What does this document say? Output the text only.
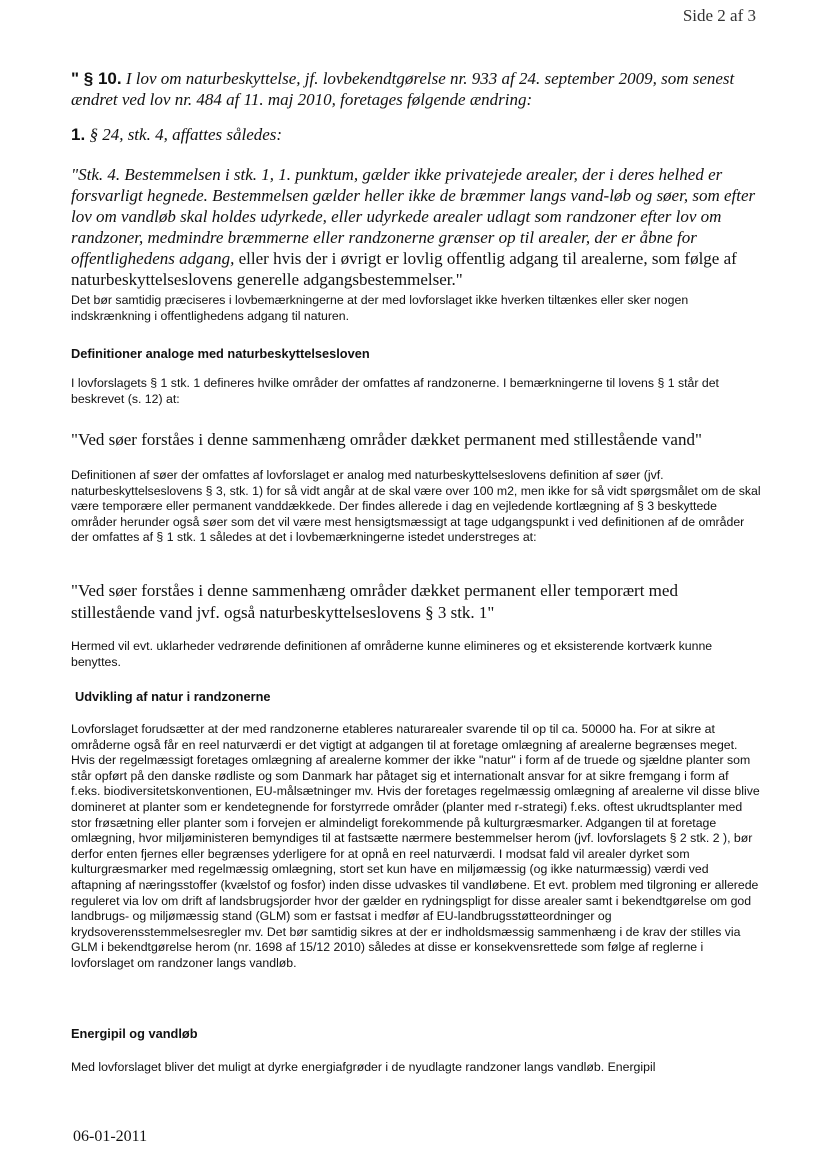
Side 2 af 3

" § 10. I lov om naturbeskyttelse, jf. lovbekendtgørelse nr. 933 af 24. september 2009, som senest ændret ved lov nr. 484 af 11. maj 2010, foretages følgende ændring:

1. § 24, stk. 4, affattes således:

"Stk. 4. Bestemmelsen i stk. 1, 1. punktum, gælder ikke privatejede arealer, der i deres helhed er forsvarligt hegnede. Bestemmelsen gælder heller ikke de bræmmer langs vand-løb og søer, som efter lov om vandløb skal holdes udyrkede, eller udyrkede arealer udlagt som randzoner efter lov om randzoner, medmindre bræmmerne eller randzonerne grænser op til arealer, der er åbne for offentlighedens adgang, eller hvis der i øvrigt er lovlig offentlig adgang til arealerne, som følge af naturbeskyttelseslovens generelle adgangsbestemmelser."

Det bør samtidig præciseres i lovbemærkningerne at der med lovforslaget ikke hverken tiltænkes eller sker nogen indskrænkning i offentlighedens adgang til naturen.

Definitioner analoge med naturbeskyttelsesloven

I lovforslagets § 1 stk. 1 defineres hvilke områder der omfattes af randzonerne. I bemærkningerne til lovens § 1 står det beskrevet (s. 12) at:

"Ved søer forståes i denne sammenhæng områder dækket permanent med stillestående vand"

Definitionen af søer der omfattes af lovforslaget er analog med naturbeskyttelseslovens definition af søer (jvf. naturbeskyttelseslovens § 3, stk. 1) for så vidt angår at de skal være over 100 m2, men ikke for så vidt spørgsmålet om de skal være temporære eller permanent vanddækkede. Der findes allerede i dag en vejledende kortlægning af § 3 beskyttede områder herunder også søer som det vil være mest hensigtsmæssigt at tage udgangspunkt i ved definitionen af de områder der omfattes af § 1 stk. 1 således at det i lovbemærkningerne istedet understreges at:

"Ved søer forståes i denne sammenhæng områder dækket permanent eller temporært med stillestående vand jvf. også naturbeskyttelseslovens § 3 stk. 1"

Hermed vil evt. uklarheder vedrørende definitionen af områderne kunne elimineres og et eksisterende kortværk kunne benyttes.

Udvikling af natur i randzonerne

Lovforslaget forudsætter at der med randzonerne etableres naturarealer svarende til op til ca. 50000 ha. For at sikre at områderne også får en reel naturværdi er det vigtigt at adgangen til at foretage omlægning af arealerne begrænses meget. Hvis der regelmæssigt foretages omlægning af arealerne kommer der ikke "natur" i form af de truede og sjældne planter som står opført på den danske rødliste og som Danmark har påtaget sig et internationalt ansvar for at sikre fremgang i form af f.eks. biodiversitetskonventionen, EU-målsætninger mv. Hvis der foretages regelmæssig omlægning af arealerne vil disse blive domineret at planter som er kendetegnende for forstyrrede områder (planter med r-strategi) f.eks. oftest ukrudtsplanter med stor frøsætning eller planter som i forvejen er almindeligt forekommende på kulturgræsmarker. Adgangen til at foretage omlægning, hvor miljøministeren bemyndiges til at fastsætte nærmere bestemmelser herom (jvf. lovforslagets § 2 stk. 2 ), bør derfor enten fjernes eller begrænses yderligere for at opnå en reel naturværdi. I modsat fald vil arealer dyrket som kulturgræsmarker med regelmæssig omlægning, stort set kun have en miljømæssig (og ikke naturmæssig) værdi ved aftapning af næringsstoffer (kvælstof og fosfor) inden disse udvaskes til vandløbene. Et evt. problem med tilgroning er allerede reguleret via lov om drift af landsbrugsjorder hvor der gælder en rydningspligt for disse arealer samt i bekendtgørelse om god landbrugs- og miljømæssig stand (GLM) som er fastsat i medfør af EU-landbrugsstøtteordninger og krydsoverensstemmelsesregler mv. Det bør samtidig sikres at der er indholdsmæssig sammenhæng i de krav der stilles via GLM i bekendtgørelse herom (nr. 1698 af 15/12 2010) således at disse er konsekvensrettede som følge af reglerne i lovforslaget om randzoner langs vandløb.

Energipil og vandløb

Med lovforslaget bliver det muligt at dyrke energiafgrøder i de nyudlagte randzoner langs vandløb. Energipil

06-01-2011
